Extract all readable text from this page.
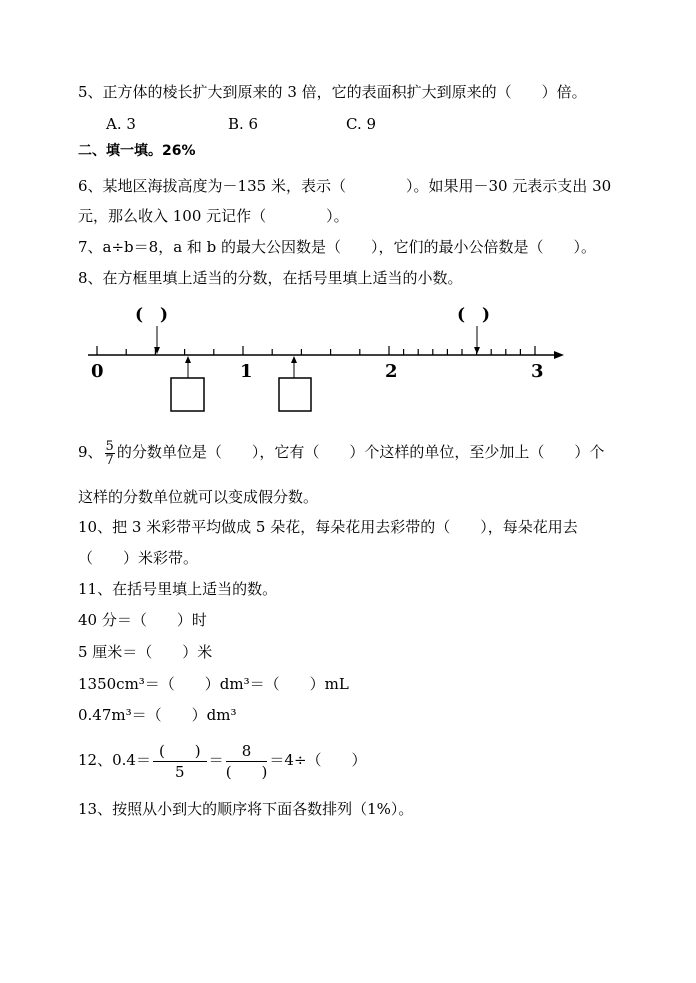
5、正方体的棱长扩大到原来的 3 倍，它的表面积扩大到原来的（　　）倍。
A. 3	B. 6	C. 9
二、填一填。26%
6、某地区海拔高度为－135 米，表示（　　　　）。如果用－30 元表示支出 30
元，那么收入 100 元记作（　　　　）。
7、a÷b＝8，a 和 b 的最大公因数是（　　），它们的最小公倍数是（　　）。
8、在方框里填上适当的分数，在括号里填上适当的小数。
(　)	(　)
0	1	2	3
9、 $\frac{5}{7}$ 的分数单位是（　　），它有（　　）个这样的单位，至少加上（　　）个
这样的分数单位就可以变成假分数。
10、把 3 米彩带平均做成 5 朵花，每朵花用去彩带的（　　），每朵花用去
（　　）米彩带。
11、在括号里填上适当的数。
40 分＝（　　）时
5 厘米＝（　　）米
1350cm³＝（　　）dm³＝（　　）mL
0.47m³＝（　　）dm³
12、$0.4= \frac{( )}{5} = \frac{8}{( )} =4\div$（　　）
13、按照从小到大的顺序将下面各数排列（1%）。
